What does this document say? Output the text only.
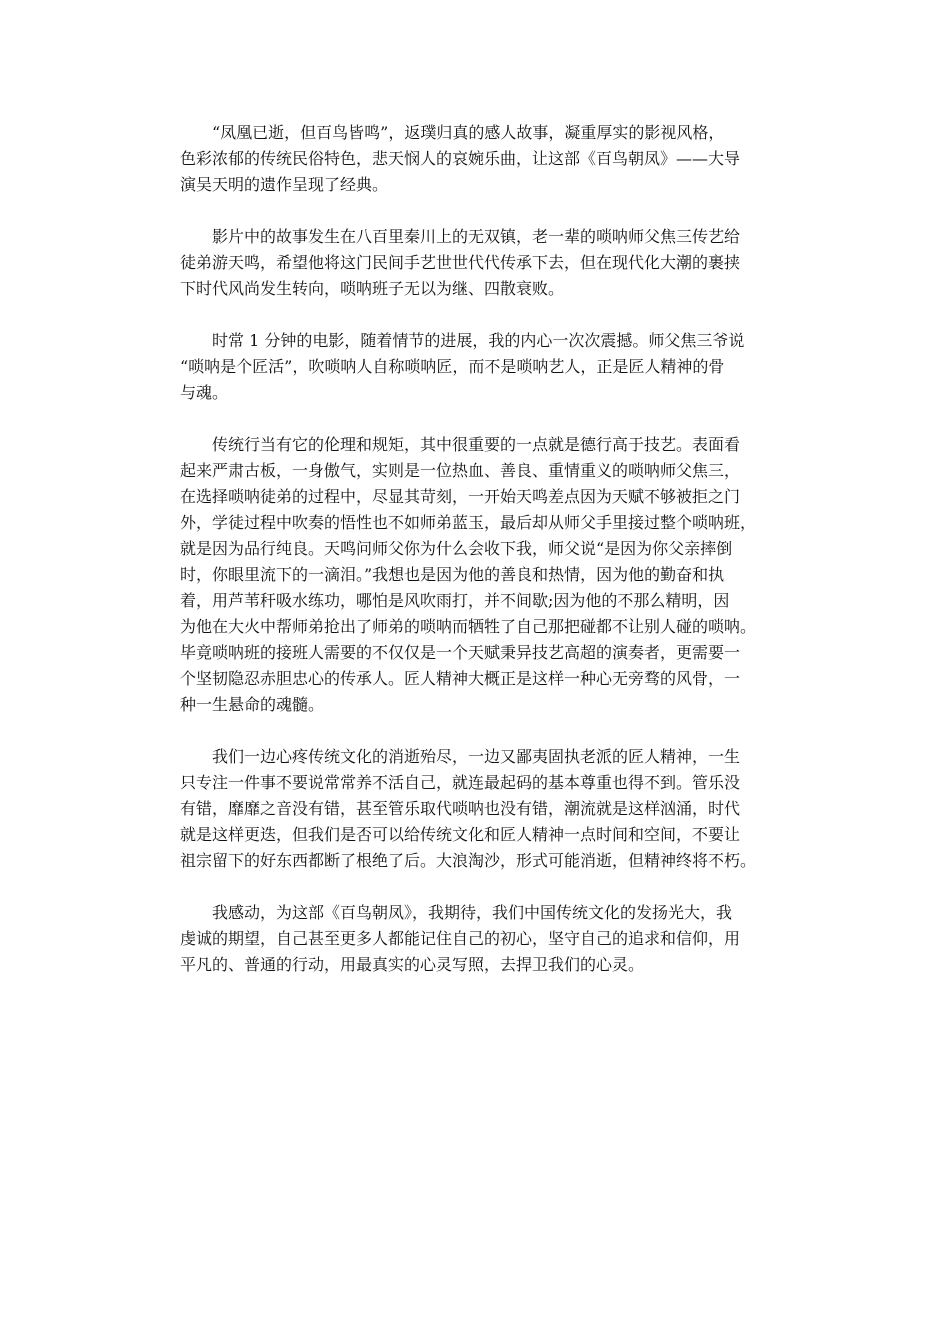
　　“凤凰已逝，但百鸟皆鸣”，返璞归真的感人故事，凝重厚实的影视风格，
色彩浓郁的传统民俗特色，悲天悯人的哀婉乐曲，让这部《百鸟朝凤》——大导
演吴天明的遗作呈现了经典。

　　影片中的故事发生在八百里秦川上的无双镇，老一辈的唢呐师父焦三传艺给
徒弟游天鸣，希望他将这门民间手艺世世代代传承下去，但在现代化大潮的裹挟
下时代风尚发生转向，唢呐班子无以为继、四散衰败。

　　时常 1 分钟的电影，随着情节的进展，我的内心一次次震撼。师父焦三爷说
“唢呐是个匠活”，吹唢呐人自称唢呐匠，而不是唢呐艺人，正是匠人精神的骨
与魂。

　　传统行当有它的伦理和规矩，其中很重要的一点就是德行高于技艺。表面看
起来严肃古板，一身傲气，实则是一位热血、善良、重情重义的唢呐师父焦三，
在选择唢呐徒弟的过程中，尽显其苛刻，一开始天鸣差点因为天赋不够被拒之门
外，学徒过程中吹奏的悟性也不如师弟蓝玉，最后却从师父手里接过整个唢呐班，
就是因为品行纯良。天鸣问师父你为什么会收下我，师父说“是因为你父亲摔倒
时，你眼里流下的一滴泪。”我想也是因为他的善良和热情，因为他的勤奋和执
着，用芦苇秆吸水练功，哪怕是风吹雨打，并不间歇;因为他的不那么精明，因
为他在大火中帮师弟抢出了师弟的唢呐而牺牲了自己那把碰都不让别人碰的唢呐。
毕竟唢呐班的接班人需要的不仅仅是一个天赋秉异技艺高超的演奏者，更需要一
个坚韧隐忍赤胆忠心的传承人。匠人精神大概正是这样一种心无旁骛的风骨，一
种一生悬命的魂髓。

　　我们一边心疼传统文化的消逝殆尽，一边又鄙夷固执老派的匠人精神，一生
只专注一件事不要说常常养不活自己，就连最起码的基本尊重也得不到。管乐没
有错，靡靡之音没有错，甚至管乐取代唢呐也没有错，潮流就是这样汹涌，时代
就是这样更迭，但我们是否可以给传统文化和匠人精神一点时间和空间，不要让
祖宗留下的好东西都断了根绝了后。大浪淘沙，形式可能消逝，但精神终将不朽。

　　我感动，为这部《百鸟朝凤》，我期待，我们中国传统文化的发扬光大，我
虔诚的期望，自己甚至更多人都能记住自己的初心，坚守自己的追求和信仰，用
平凡的、普通的行动，用最真实的心灵写照，去捍卫我们的心灵。
